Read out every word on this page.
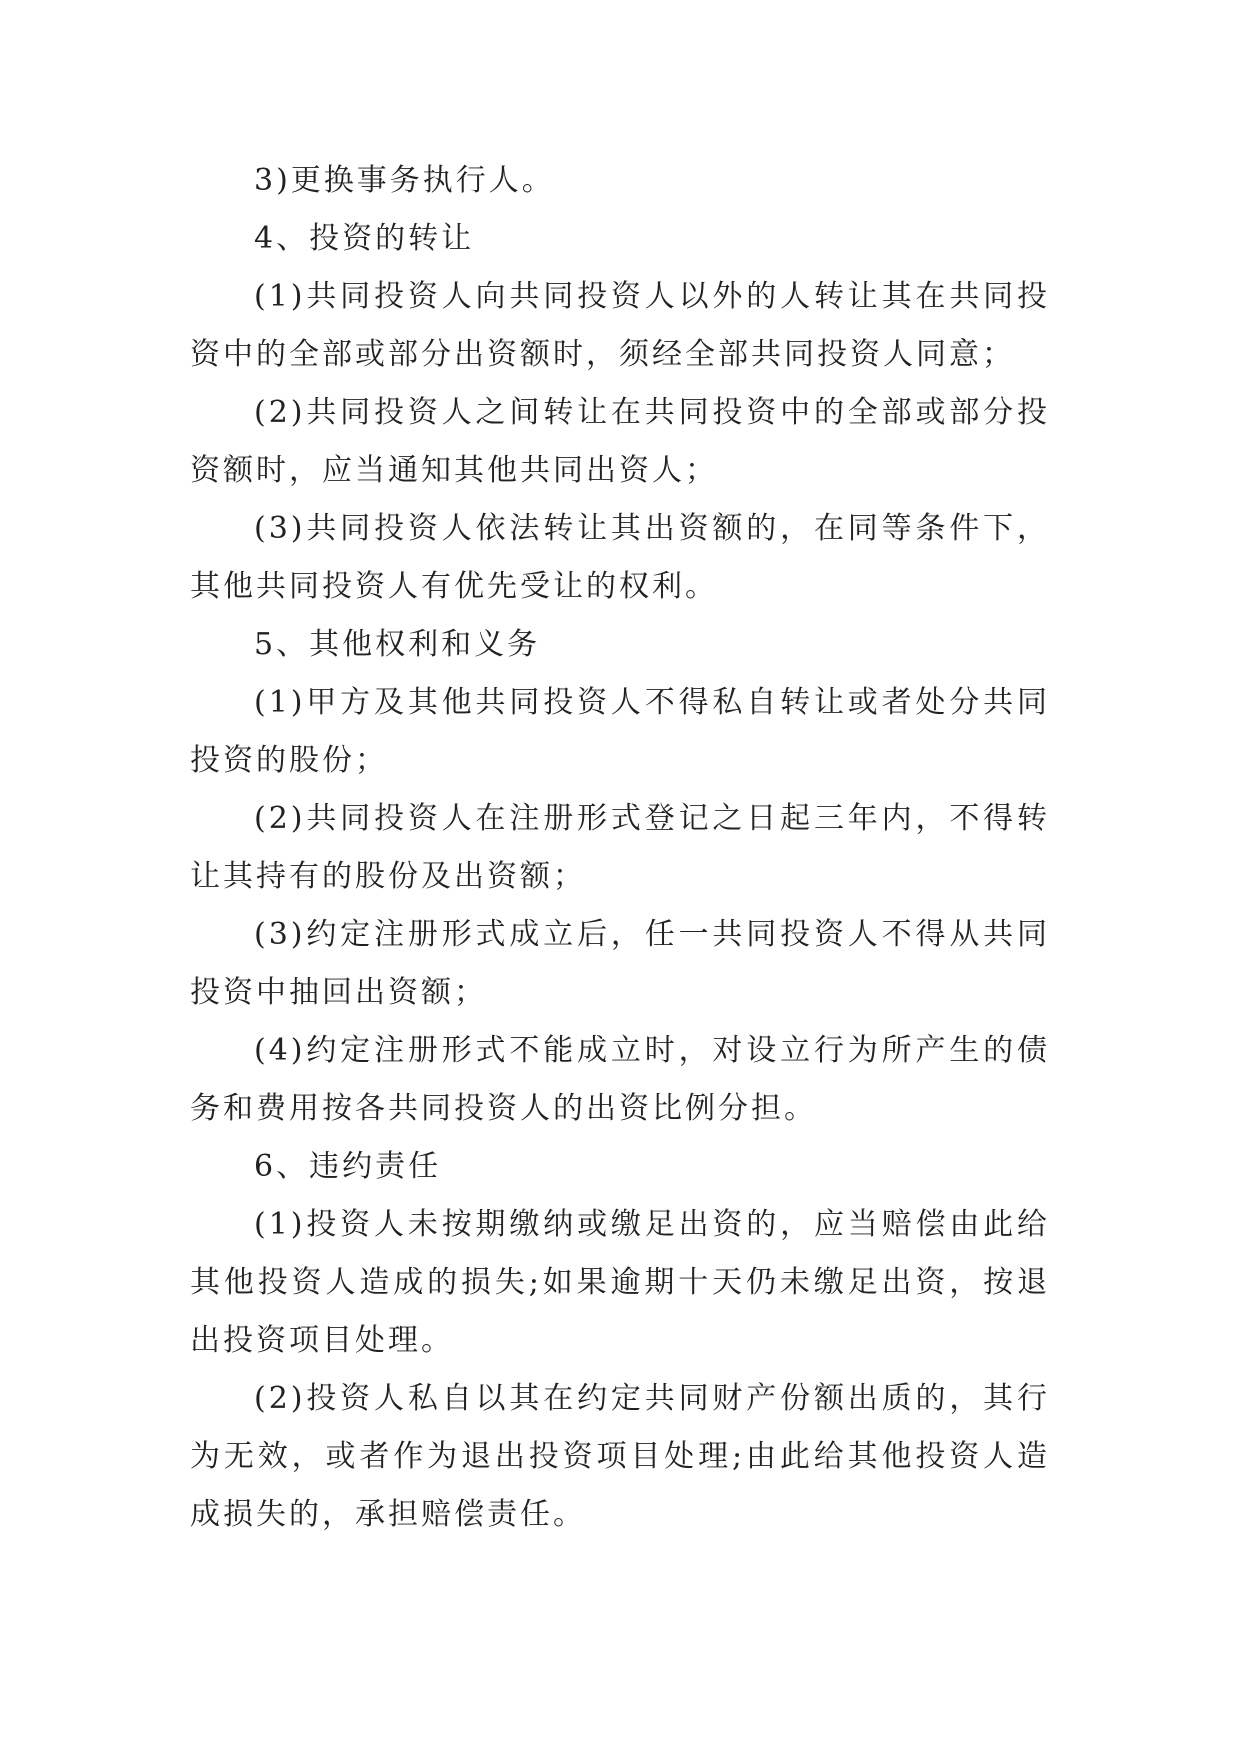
3)更换事务执行人。

4、投资的转让

(1)共同投资人向共同投资人以外的人转让其在共同投资中的全部或部分出资额时，须经全部共同投资人同意；

(2)共同投资人之间转让在共同投资中的全部或部分投资额时，应当通知其他共同出资人；

(3)共同投资人依法转让其出资额的，在同等条件下，其他共同投资人有优先受让的权利。

5、其他权利和义务

(1)甲方及其他共同投资人不得私自转让或者处分共同投资的股份；

(2)共同投资人在注册形式登记之日起三年内，不得转让其持有的股份及出资额；

(3)约定注册形式成立后，任一共同投资人不得从共同投资中抽回出资额；

(4)约定注册形式不能成立时，对设立行为所产生的债务和费用按各共同投资人的出资比例分担。

6、违约责任

(1)投资人未按期缴纳或缴足出资的，应当赔偿由此给其他投资人造成的损失;如果逾期十天仍未缴足出资，按退出投资项目处理。

(2)投资人私自以其在约定共同财产份额出质的，其行为无效，或者作为退出投资项目处理;由此给其他投资人造成损失的，承担赔偿责任。
